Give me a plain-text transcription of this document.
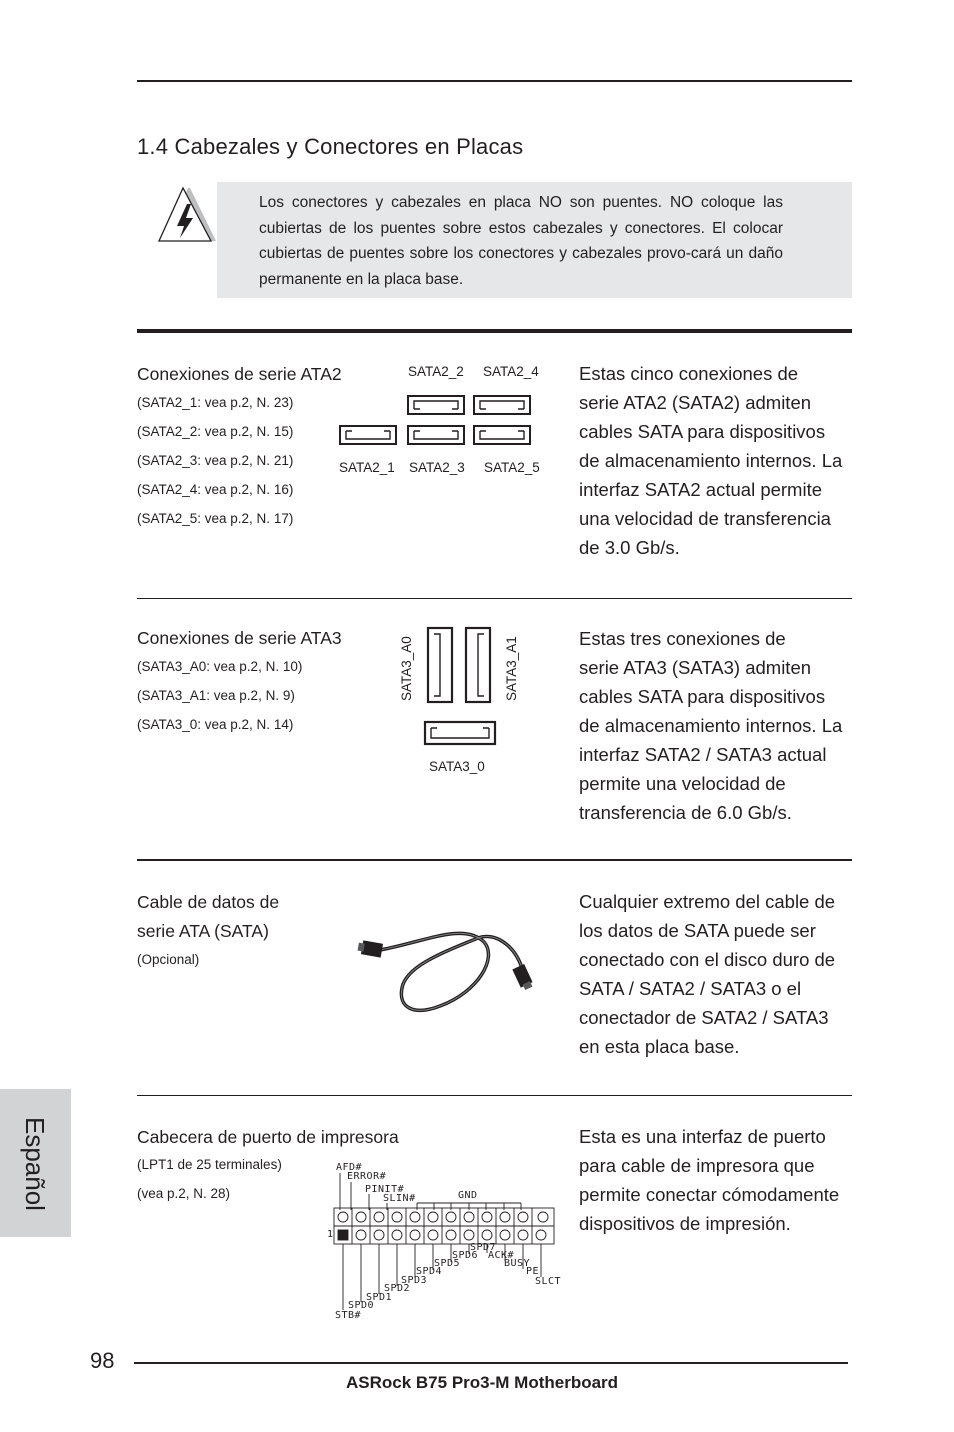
1.4 Cabezales y Conectores en Placas
Los conectores y cabezales en placa NO son puentes. NO coloque las cubiertas de los puentes sobre estos cabezales y conectores. El colocar cubiertas de puentes sobre los conectores y cabezales provo-cará un daño permanente en la placa base.
Conexiones de serie ATA2
(SATA2_1: vea p.2, N. 23)
(SATA2_2: vea p.2, N. 15)
(SATA2_3: vea p.2, N. 21)
(SATA2_4: vea p.2, N. 16)
(SATA2_5: vea p.2, N. 17)
SATA2_2 SATA2_4
SATA2_1 SATA2_3 SATA2_5
Estas cinco conexiones de
serie ATA2 (SATA2) admiten
cables SATA para dispositivos
de almacenamiento internos. La
interfaz SATA2 actual permite
una velocidad de transferencia
de 3.0 Gb/s.
Conexiones de serie ATA3
(SATA3_A0: vea p.2, N. 10)
(SATA3_A1: vea p.2, N. 9)
(SATA3_0: vea p.2, N. 14)
SATA3_A0	SATA3_A1
SATA3_0
Estas tres conexiones de
serie ATA3 (SATA3) admiten
cables SATA para dispositivos
de almacenamiento internos. La
interfaz SATA2 / SATA3 actual
permite una velocidad de
transferencia de 6.0 Gb/s.
Cable de datos de
serie ATA (SATA)
(Opcional)
Cualquier extremo del cable de
los datos de SATA puede ser
conectado con el disco duro de
SATA / SATA2 / SATA3 o el
conectador de SATA2 / SATA3
en esta placa base.
Cabecera de puerto de impresora
(LPT1 de 25 terminales)
(vea p.2, N. 28)
AFD#
ERROR#
PINIT#
SLIN#	GND
1
SPD7
ACK#
SPD6
BUSY
SPD5
PE
SPD4
SLCT
SPD3
SPD2
SPD1
SPD0
STB#
Esta es una interfaz de puerto
para cable de impresora que
permite conectar cómodamente
dispositivos de impresión.
Español
98
ASRock B75 Pro3-M Motherboard
